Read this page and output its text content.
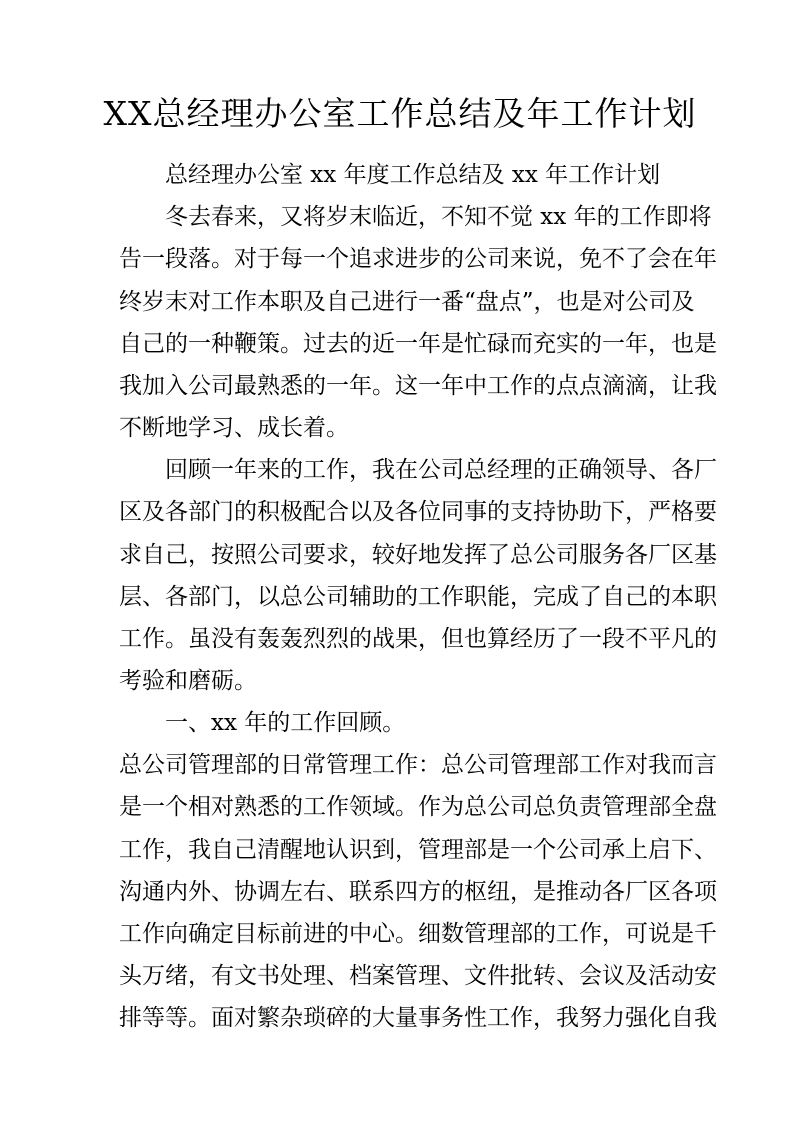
XX总经理办公室工作总结及年工作计划
总经理办公室 xx 年度工作总结及 xx 年工作计划
冬去春来，又将岁末临近，不知不觉 xx 年的工作即将
告一段落。对于每一个追求进步的公司来说，免不了会在年
终岁末对工作本职及自己进行一番“盘点”，也是对公司及
自己的一种鞭策。过去的近一年是忙碌而充实的一年，也是
我加入公司最熟悉的一年。这一年中工作的点点滴滴，让我
不断地学习、成长着。
回顾一年来的工作，我在公司总经理的正确领导、各厂
区及各部门的积极配合以及各位同事的支持协助下，严格要
求自己，按照公司要求，较好地发挥了总公司服务各厂区基
层、各部门，以总公司辅助的工作职能，完成了自己的本职
工作。虽没有轰轰烈烈的战果，但也算经历了一段不平凡的
考验和磨砺。
一、xx 年的工作回顾。
总公司管理部的日常管理工作：总公司管理部工作对我而言
是一个相对熟悉的工作领域。作为总公司总负责管理部全盘
工作，我自己清醒地认识到，管理部是一个公司承上启下、
沟通内外、协调左右、联系四方的枢纽，是推动各厂区各项
工作向确定目标前进的中心。细数管理部的工作，可说是千
头万绪，有文书处理、档案管理、文件批转、会议及活动安
排等等。面对繁杂琐碎的大量事务性工作，我努力强化自我
